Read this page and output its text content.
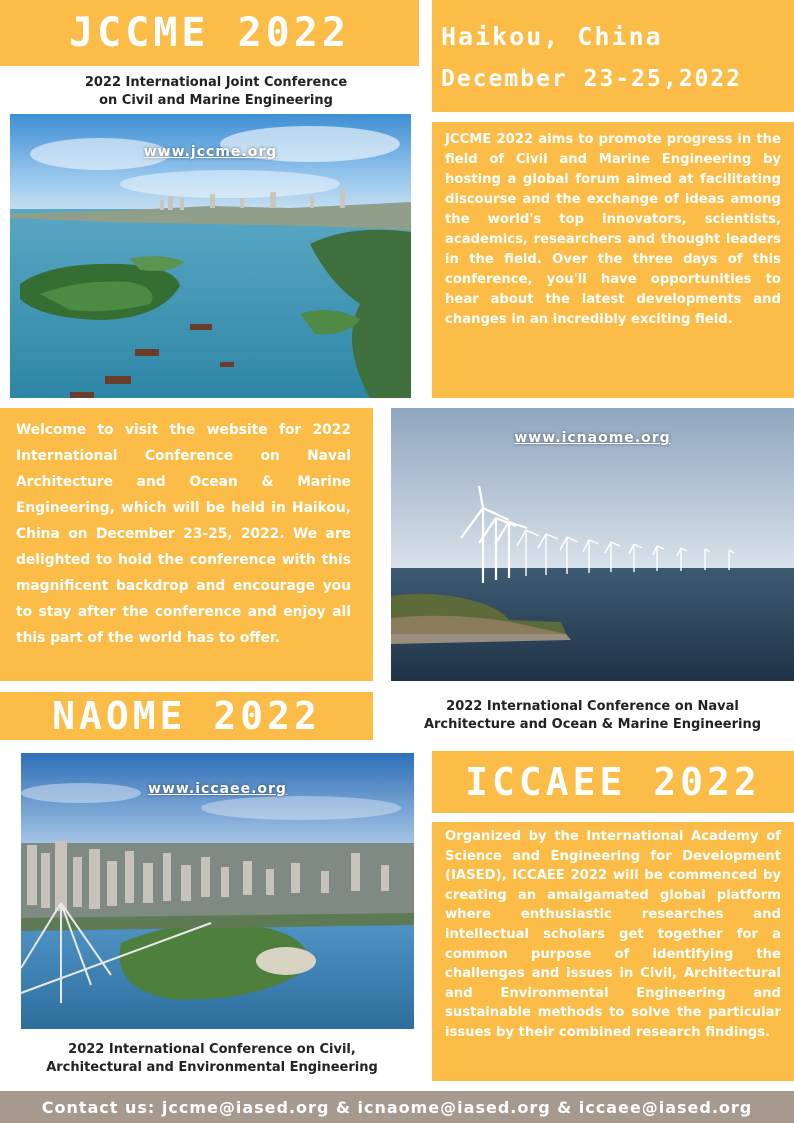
JCCME 2022
2022 International Joint Conference
on Civil and Marine Engineering
Haikou, China
December 23-25,2022
www.jccme.org
JCCME 2022 aims to promote progress in the field of Civil and Marine Engineering by hosting a global forum aimed at facilitating discourse and the exchange of ideas among the world's top innovators, scientists, academics, researchers and thought leaders in the field. Over the three days of this conference, you'll have opportunities to hear about the latest developments and changes in an incredibly exciting field.
Welcome to visit the website for 2022 International Conference on Naval Architecture and Ocean & Marine Engineering, which will be held in Haikou, China on December 23-25, 2022. We are delighted to hold the conference with this magnificent backdrop and encourage you to stay after the conference and enjoy all this part of the world has to offer.
www.icnaome.org
NAOME 2022	2022 International Conference on Naval
Architecture and Ocean & Marine Engineering
www.iccaee.org	ICCAEE 2022
Organized by the International Academy of Science and Engineering for Development (IASED), ICCAEE 2022 will be commenced by creating an amalgamated global platform where enthusiastic researches and intellectual scholars get together for a common purpose of identifying the challenges and issues in Civil, Architectural and Environmental Engineering and sustainable methods to solve the particular issues by their combined research findings.
2022 International Conference on Civil,
Architectural and Environmental Engineering
Contact us: jccme@iased.org & icnaome@iased.org & iccaee@iased.org
